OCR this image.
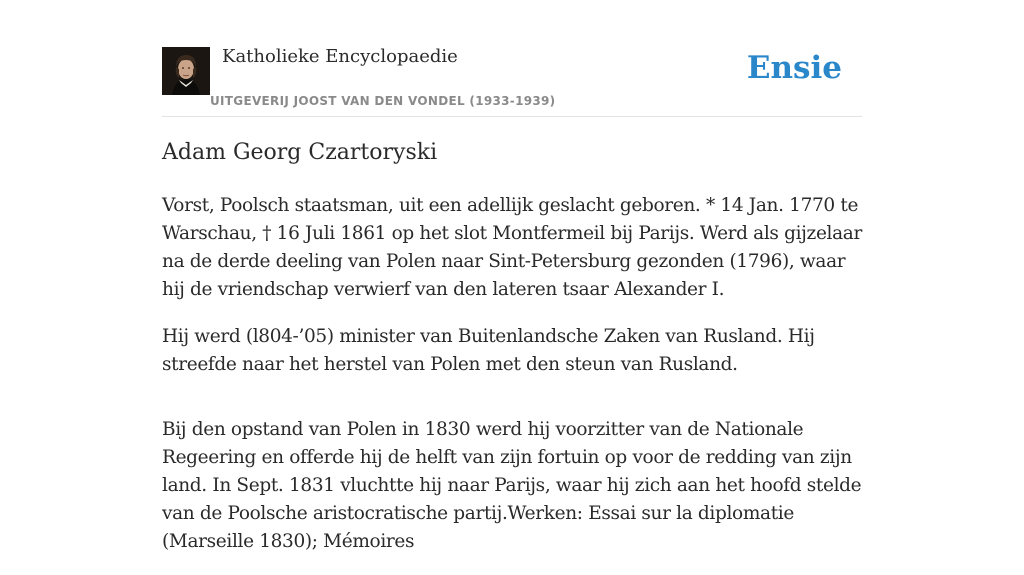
Katholieke Encyclopaedie
UITGEVERIJ JOOST VAN DEN VONDEL (1933-1939)
Ensie
Adam Georg Czartoryski

Vorst, Poolsch staatsman, uit een adellijk geslacht geboren. * 14 Jan. 1770 te Warschau, † 16 Juli 1861 op het slot Montfermeil bij Parijs. Werd als gijzelaar na de derde deeling van Polen naar Sint-Petersburg gezonden (1796), waar hij de vriendschap verwierf van den lateren tsaar Alexander I.

Hij werd (l804-’05) minister van Buitenlandsche Zaken van Rusland. Hij streefde naar het herstel van Polen met den steun van Rusland.

Bij den opstand van Polen in 1830 werd hij voorzitter van de Nationale Regeering en offerde hij de helft van zijn fortuin op voor de redding van zijn land. In Sept. 1831 vluchtte hij naar Parijs, waar hij zich aan het hoofd stelde van de Poolsche aristocratische partij.Werken: Essai sur la diplomatie (Marseille 1830); Mémoires
